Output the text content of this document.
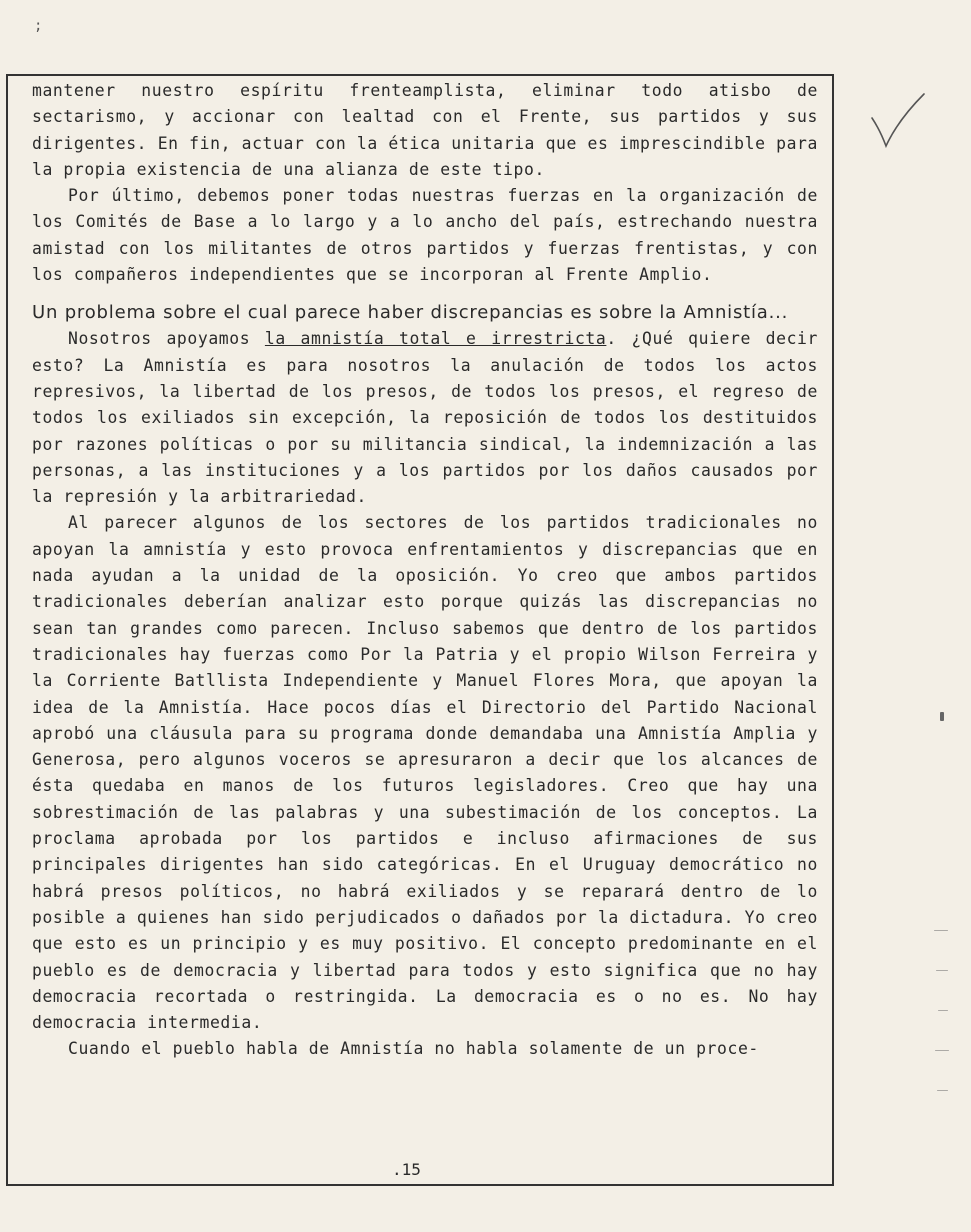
;

mantener nuestro espíritu frenteamplista, eliminar todo atisbo de sectarismo, y accionar con lealtad con el Frente, sus partidos y sus dirigentes. En fin, actuar con la ética unitaria que es imprescindible para la propia existencia de una alianza de este tipo.

Por último, debemos poner todas nuestras fuerzas en la organización de los Comités de Base a lo largo y a lo ancho del país, estrechando nuestra amistad con los militantes de otros partidos y fuerzas frentistas, y con los compañeros independientes que se incorporan al Frente Amplio.

Un problema sobre el cual parece haber discrepancias es sobre la Amnistía...

Nosotros apoyamos la amnistía total e irrestricta. ¿Qué quiere decir esto? La Amnistía es para nosotros la anulación de todos los actos represivos, la libertad de los presos, de todos los presos, el regreso de todos los exiliados sin excepción, la reposición de todos los destituidos por razones políticas o por su militancia sindical, la indemnización a las personas, a las instituciones y a los partidos por los daños causados por la represión y la arbitrariedad.

Al parecer algunos de los sectores de los partidos tradicionales no apoyan la amnistía y esto provoca enfrentamientos y discrepancias que en nada ayudan a la unidad de la oposición. Yo creo que ambos partidos tradicionales deberían analizar esto porque quizás las discrepancias no sean tan grandes como parecen. Incluso sabemos que dentro de los partidos tradicionales hay fuerzas como Por la Patria y el propio Wilson Ferreira y la Corriente Batllista Independiente y Manuel Flores Mora, que apoyan la idea de la Amnistía. Hace pocos días el Directorio del Partido Nacional aprobó una cláusula para su programa donde demandaba una Amnistía Amplia y Generosa, pero algunos voceros se apresuraron a decir que los alcances de ésta quedaba en manos de los futuros legisladores. Creo que hay una sobrestimación de las palabras y una subestimación de los conceptos. La proclama aprobada por los partidos e incluso afirmaciones de sus principales dirigentes han sido categóricas. En el Uruguay democrático no habrá presos políticos, no habrá exiliados y se reparará dentro de lo posible a quienes han sido perjudicados o dañados por la dictadura. Yo creo que esto es un principio y es muy positivo. El concepto predominante en el pueblo es de democracia y libertad para todos y esto significa que no hay democracia recortada o restringida. La democracia es o no es. No hay democracia intermedia.

Cuando el pueblo habla de Amnistía no habla solamente de un proce-

.15
